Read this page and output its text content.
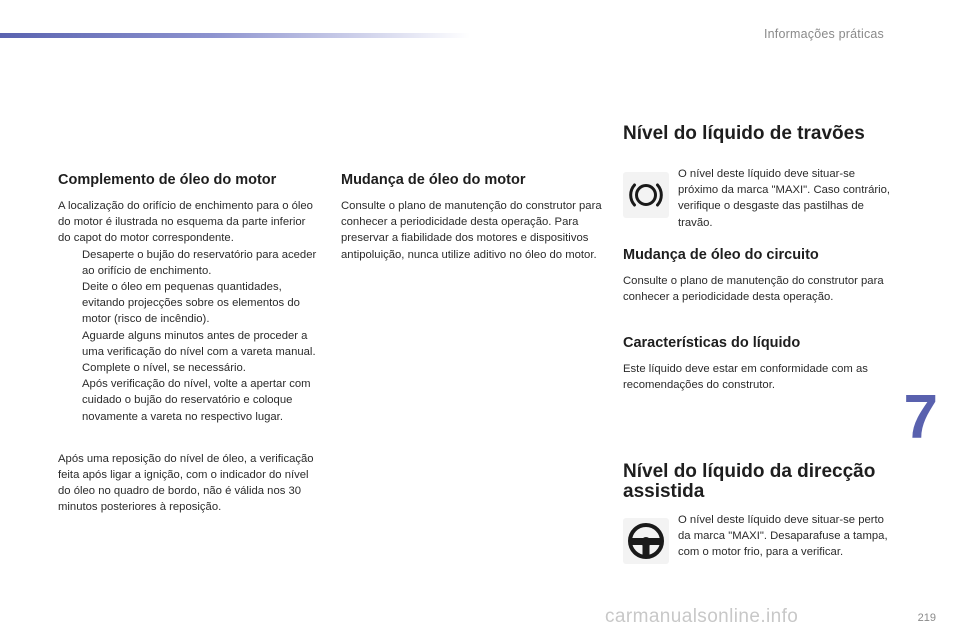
Informações práticas
Complemento de óleo do motor

A localização do orifício de enchimento para o óleo do motor é ilustrada no esquema da parte inferior do capot do motor correspondente.

Desaperte o bujão do reservatório para aceder ao orifício de enchimento.
Deite o óleo em pequenas quantidades, evitando projecções sobre os elementos do motor (risco de incêndio).
Aguarde alguns minutos antes de proceder a uma verificação do nível com a vareta manual.
Complete o nível, se necessário.
Após verificação do nível, volte a apertar com cuidado o bujão do reservatório e coloque novamente a vareta no respectivo lugar.

Após uma reposição do nível de óleo, a verificação feita após ligar a ignição, com o indicador do nível do óleo no quadro de bordo, não é válida nos 30 minutos posteriores à reposição.

Mudança de óleo do motor

Consulte o plano de manutenção do construtor para conhecer a periodicidade desta operação. Para preservar a fiabilidade dos motores e dispositivos antipoluição, nunca utilize aditivo no óleo do motor.

Nível do líquido de travões

O nível deste líquido deve situar-se próximo da marca "MAXI". Caso contrário, verifique o desgaste das pastilhas de travão.

Mudança de óleo do circuito

Consulte o plano de manutenção do construtor para conhecer a periodicidade desta operação.

Características do líquido

Este líquido deve estar em conformidade com as recomendações do construtor.

Nível do líquido da direcção assistida

O nível deste líquido deve situar-se perto da marca "MAXI". Desaparafuse a tampa, com o motor frio, para a verificar.

7
219
carmanualsonline.info
